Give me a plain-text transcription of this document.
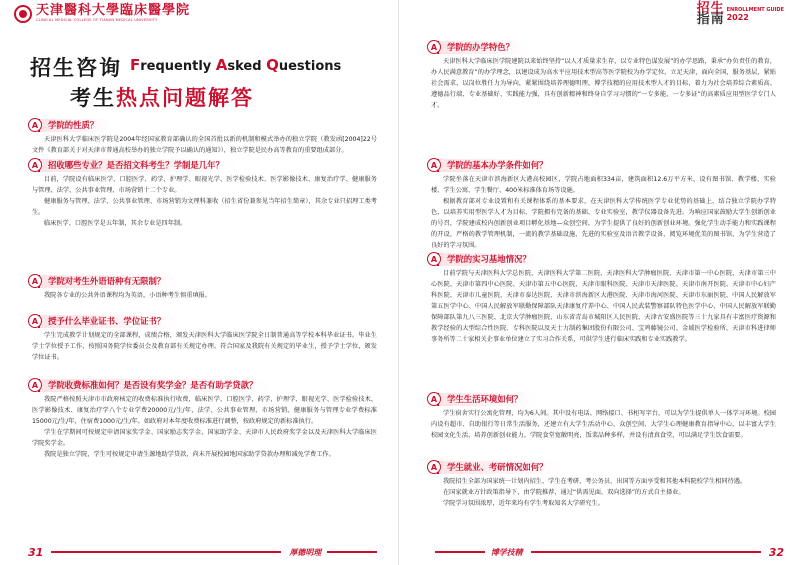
天津醫科大學臨床醫學院
CLINICAL MEDICAL COLLEGE OF TIANJIN MEDICAL UNIVERSITY
招生咨询
考生热点问题解答
Frequently Asked Questions
A	学院的性质？

天津医科大学临床医学院是2004年经国家教育部确认的全国首批以新的机制和模式举办的独立学院（教发函[2004]22号文件《教育部关于对天津市普通高校举办的独立学院予以确认的通知》），独立学院是民办高等教育的重要组成部分。

A	招收哪些专业？是否招文科考生？学制是几年？

目前，学院设有临床医学、口腔医学、药学、护理学、眼视光学、医学检验技术、医学影像技术、康复治疗学、健康服务与管理、法学、公共事业管理、市场营销十二个专业。

健康服务与管理、法学、公共事业管理、市场营销为文理科兼收（招生省份兼参见当年招生简章），其余专业只招理工类考生。

临床医学、口腔医学是五年制，其余专业是四年制。

A	学院对考生外语语种有无限制？

我院各专业的公共外语课程均为英语，小语种考生慎重填报。

A	授予什么毕业证书、学位证书？

学生完成教学计划规定的全部课程，成绩合格，颁发天津医科大学临床医学院全日制普通高等学校本科毕业证书。毕业生学士学位授予工作，按照国务院学位委员会及教育部有关规定办理。符合国家及我院有关规定的毕业生，授予学士学位，颁发学位证书。

A	学院收费标准如何？是否设有奖学金？是否有助学贷款？

我院严格按照天津市市政府核定的收费标准执行收费，临床医学、口腔医学、药学、护理学、眼视光学、医学检验技术、医学影像技术、康复治疗学八个专业学费20000元/生/年，法学、公共事业管理、市场营销、健康服务与管理专业学费标准15000元/生/年，住宿费1000元/生/年。如政府对本年度收费标准进行调整，按政府规定的新标准执行。

学生在学期间可按规定申请国家奖学金、国家励志奖学金、国家助学金、天津市人民政府奖学金以及天津医科大学临床医学院奖学金。

我院是独立学院，学生可按规定申请生源地助学贷款，尚未开展校园地国家助学贷款办理和减免学费工作。

31	厚德明理
招生
指南
ENROLLMENT GUIDE
2022
A	学院的办学特色？

天津医科大学临床医学院建院以来始终坚持“以人才质量求生存，以专业特色谋发展”的办学思路，秉承“办负责任的教育，办人民满意教育”的办学理念，以建设成为高水平应用技术型高等医学院校为办学定位，立足天津，面向全国，服务基层，紧贴社会需求，以岗位胜任力为导向，紧紧围绕培养理德明理、博学技精的应用技术型人才的目标，着力为社会培养综合素质高、遵德品行端、专业基础好、实践能力强，具有创新精神和终身自学习习惯的“一专多能、一专多证”的高素质应用型医学专门人才。

A	学院的基本办学条件如何？

学院坐落在天津市滨海新区大港高校园区，学院占地面积334亩，建筑面积12.6万平方米，设有图书馆、教学楼、实验楼、学生公寓、学生餐厅、400米标准体育场等设施。

根据教育部对专业设置和有关课程体系的基本要求，在天津医科大学传统医学专业优势的基础上，结合独立学院办学特色，以培养实用型医学人才为目标，学院拥有完备的基础、专业实验室，教学仪器设备先进。为响应国家鼓励大学生创新创业的号召，学院建成校内创新创业项目孵化基地—众创空间，为学生提供了良好的创新创业环境。强化学生动手能力和实践课程的开设，严格的教学管理机制，一流的教学基础设施、先进的实验室及语音教学设备、阅览环境优美的图书馆，为学生营造了良好的学习氛围。

A	学院的实习基地情况？

目前学院与天津医科大学总医院、天津医科大学第二医院、天津医科大学肿瘤医院、天津市第一中心医院、天津市第三中心医院、天津市第四中心医院、天津市第五中心医院、天津市眼科医院、天津市天津医院、天津市南开医院、天津市中心妇产科医院、天津市儿童医院、天津市泰达医院、天津市滨海新区大港医院、天津市海河医院、天津市东丽医院、中国人民解放军第五医学中心、中国人民解放军联勤保障部队天津康复疗养中心、中国人民武装警察部队特色医学中心、中国人民解放军联勤保障部队第九八三医院、北京大学肿瘤医院、山东省青岛市城阳区人民医院、天津古安盛医院等三十九家具有丰富医疗资源和教学经验的大型综合性医院、专科医院以及天士力制药集团股份有限公司、宝鸡藤镜公司、金域医学检验所、天津市科进律师事务所等二十家相关企事业单位建立了实习合作关系，可供学生进行临床实践和专业实践教学。

A	学生生活环境如何？

学生宿舍实行公寓化管理，均为6人间。其中设有电话、网络接口、书柜写字台，可以为学生提供单人一体学习环境。校园内设有超市、自助银行等日常生活服务，还建立有大学生活动中心、众创空间、大学生心理健康教育指导中心，以丰富大学生校园文化生活，培养创新创业能力。学院食堂宽敞明亮，饭菜品种多样，并设有清真食堂，可以满足学生饮食需要。

A	学生就业、考研情况如何？

我院招生全部为国家统一计划内招生，学生在考研、考公务员、出国等方面享受和其他本科院校学生相同待遇。

在国家就业方针政策指导下，由学院推荐，通过“供需见面、双向选择”的方式自主择业。

学院学习氛围浓厚，近年来均有学生考取知名大学研究生。

博学技精	32
